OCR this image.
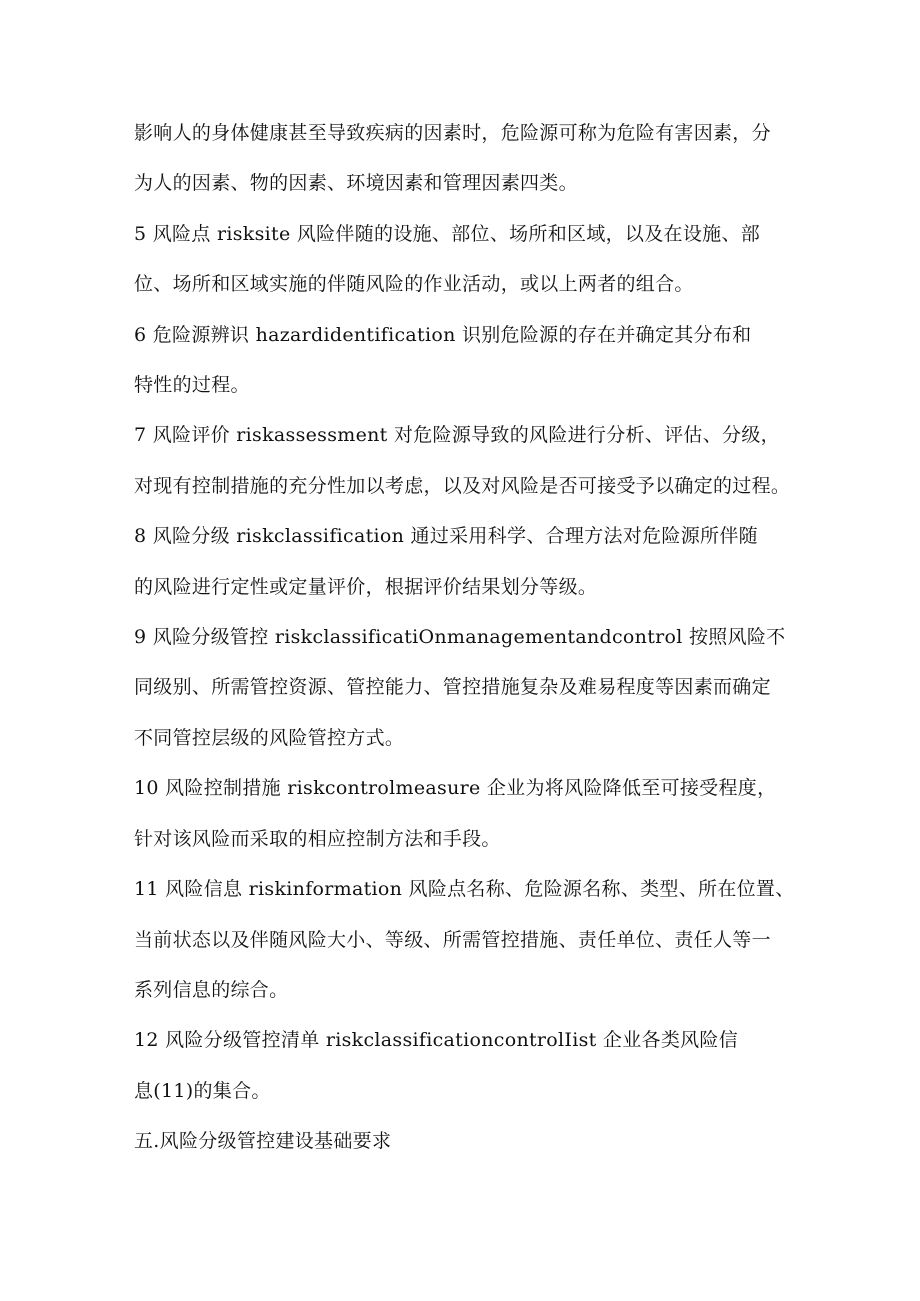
影响人的身体健康甚至导致疾病的因素时，危险源可称为危险有害因素，分
为人的因素、物的因素、环境因素和管理因素四类。

5 风险点 risksite 风险伴随的设施、部位、场所和区域，以及在设施、部
位、场所和区域实施的伴随风险的作业活动，或以上两者的组合。

6 危险源辨识 hazardidentification 识别危险源的存在并确定其分布和
特性的过程。

7 风险评价 riskassessment 对危险源导致的风险进行分析、评估、分级，
对现有控制措施的充分性加以考虑，以及对风险是否可接受予以确定的过程。

8 风险分级 riskclassification 通过采用科学、合理方法对危险源所伴随
的风险进行定性或定量评价，根据评价结果划分等级。

9 风险分级管控 riskclassificatiOnmanagementandcontrol 按照风险不
同级别、所需管控资源、管控能力、管控措施复杂及难易程度等因素而确定
不同管控层级的风险管控方式。

10 风险控制措施 riskcontrolmeasure 企业为将风险降低至可接受程度，
针对该风险而采取的相应控制方法和手段。

11 风险信息 riskinformation 风险点名称、危险源名称、类型、所在位置、
当前状态以及伴随风险大小、等级、所需管控措施、责任单位、责任人等一
系列信息的综合。

12 风险分级管控清单 riskclassificationcontrolIist 企业各类风险信
息(11)的集合。

五.风险分级管控建设基础要求
